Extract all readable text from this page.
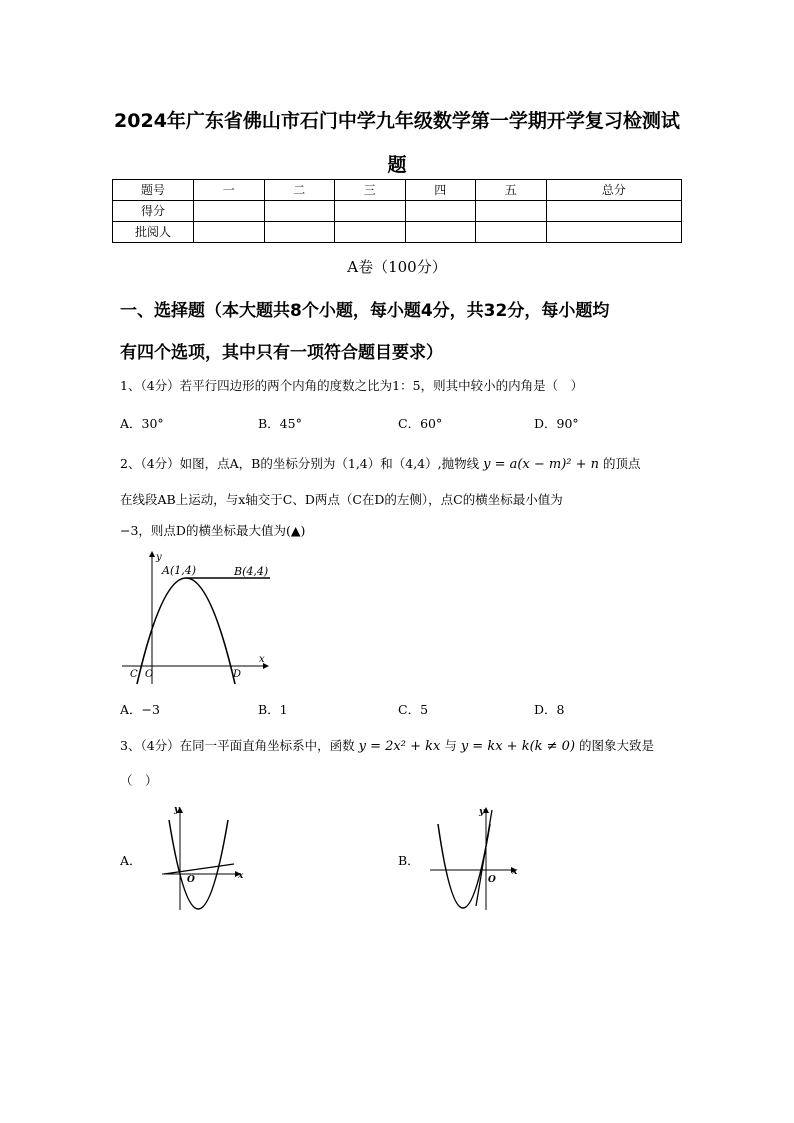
2024年广东省佛山市石门中学九年级数学第一学期开学复习检测试
题
题号	一	二	三	四	五	总分
得分						
批阅人						
A卷（100分）
一、选择题（本大题共8个小题，每小题4分，共32分，每小题均
有四个选项，其中只有一项符合题目要求）
1、（4分）若平行四边形的两个内角的度数之比为1：5，则其中较小的内角是（　）
A．30°	B．45°	C．60°	D．90°
2、（4分）如图，点A，B的坐标分别为（1,4）和（4,4）,抛物线 y = a(x − m)² + n 的顶点
在线段AB上运动，与x轴交于C、D两点（C在D的左侧），点C的横坐标最小值为
−3，则点D的横坐标最大值为(▲)
y
x
A(1,4)	B(4,4)
C O	D
A．−3	B．1	C．5	D．8
3、（4分）在同一平面直角坐标系中，函数 y = 2x² + kx 与 y = kx + k(k ≠ 0) 的图象大致是
（　）
A．
y
x
O
B．
y
x
O
